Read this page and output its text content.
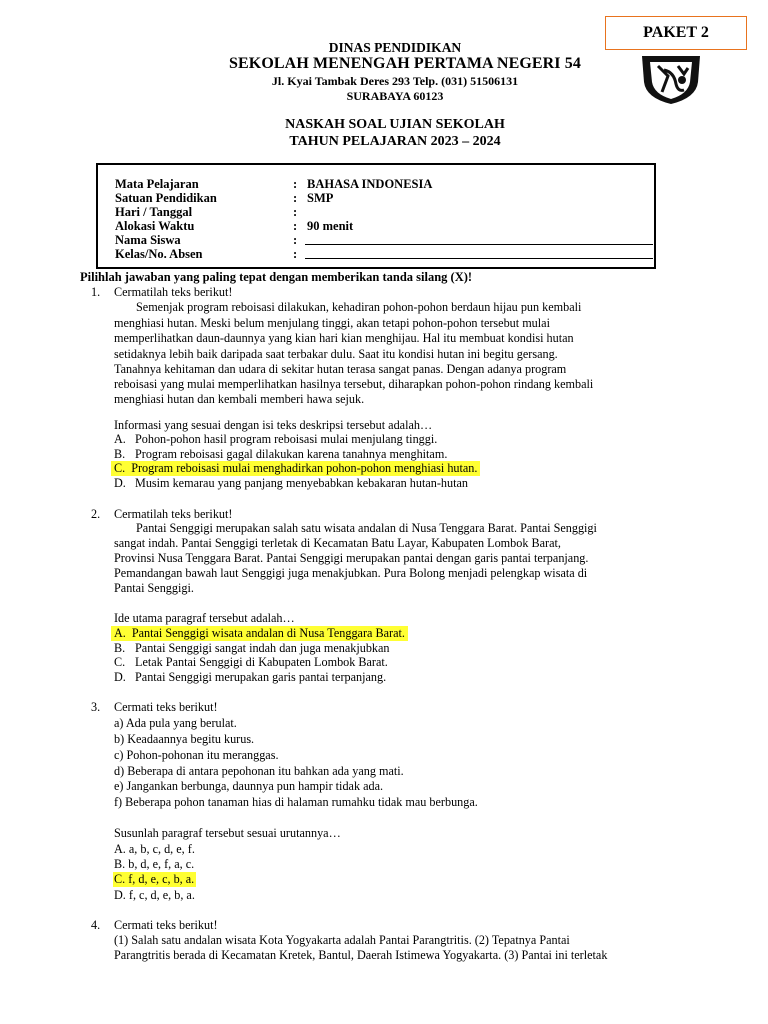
PAKET 2
DINAS PENDIDIKAN
SEKOLAH MENENGAH PERTAMA NEGERI 54
Jl. Kyai Tambak Deres 293 Telp. (031) 51506131
SURABAYA 60123
NASKAH SOAL UJIAN SEKOLAH
TAHUN PELAJARAN 2023 – 2024
Mata Pelajaran	: BAHASA INDONESIA
Satuan Pendidikan	: SMP
Hari / Tanggal	:
Alokasi Waktu	: 90 menit
Nama Siswa	:
Kelas/No. Absen	:
Pilihlah jawaban yang paling tepat dengan memberikan tanda silang (X)!
1. Cermatilah teks berikut!
Semenjak program reboisasi dilakukan, kehadiran pohon-pohon berdaun hijau pun kembali
menghiasi hutan. Meski belum menjulang tinggi, akan tetapi pohon-pohon tersebut mulai
memperlihatkan daun-daunnya yang kian hari kian menghijau. Hal itu membuat kondisi hutan
setidaknya lebih baik daripada saat terbakar dulu. Saat itu kondisi hutan ini begitu gersang.
Tanahnya kehitaman dan udara di sekitar hutan terasa sangat panas. Dengan adanya program
reboisasi yang mulai memperlihatkan hasilnya tersebut, diharapkan pohon-pohon rindang kembali
menghiasi hutan dan kembali memberi hawa sejuk.
Informasi yang sesuai dengan isi teks deskripsi tersebut adalah…
A. Pohon-pohon hasil program reboisasi mulai menjulang tinggi.
B. Program reboisasi gagal dilakukan karena tanahnya menghitam.
C. Program reboisasi mulai menghadirkan pohon-pohon menghiasi hutan.
D. Musim kemarau yang panjang menyebabkan kebakaran hutan-hutan
2. Cermatilah teks berikut!
Pantai Senggigi merupakan salah satu wisata andalan di Nusa Tenggara Barat. Pantai Senggigi
sangat indah. Pantai Senggigi terletak di Kecamatan Batu Layar, Kabupaten Lombok Barat,
Provinsi Nusa Tenggara Barat. Pantai Senggigi merupakan pantai dengan garis pantai terpanjang.
Pemandangan bawah laut Senggigi juga menakjubkan. Pura Bolong menjadi pelengkap wisata di
Pantai Senggigi.
Ide utama paragraf tersebut adalah…
A. Pantai Senggigi wisata andalan di Nusa Tenggara Barat.
B. Pantai Senggigi sangat indah dan juga menakjubkan
C. Letak Pantai Senggigi di Kabupaten Lombok Barat.
D. Pantai Senggigi merupakan garis pantai terpanjang.
3. Cermati teks berikut!
a) Ada pula yang berulat.
b) Keadaannya begitu kurus.
c) Pohon-pohonan itu meranggas.
d) Beberapa di antara pepohonan itu bahkan ada yang mati.
e) Jangankan berbunga, daunnya pun hampir tidak ada.
f) Beberapa pohon tanaman hias di halaman rumahku tidak mau berbunga.
Susunlah paragraf tersebut sesuai urutannya…
A. a, b, c, d, e, f.
B. b, d, e, f, a, c.
C. f, d, e, c, b, a.
D. f, c, d, e, b, a.
4. Cermati teks berikut!
(1) Salah satu andalan wisata Kota Yogyakarta adalah Pantai Parangtritis. (2) Tepatnya Pantai
Parangtritis berada di Kecamatan Kretek, Bantul, Daerah Istimewa Yogyakarta. (3) Pantai ini terletak
